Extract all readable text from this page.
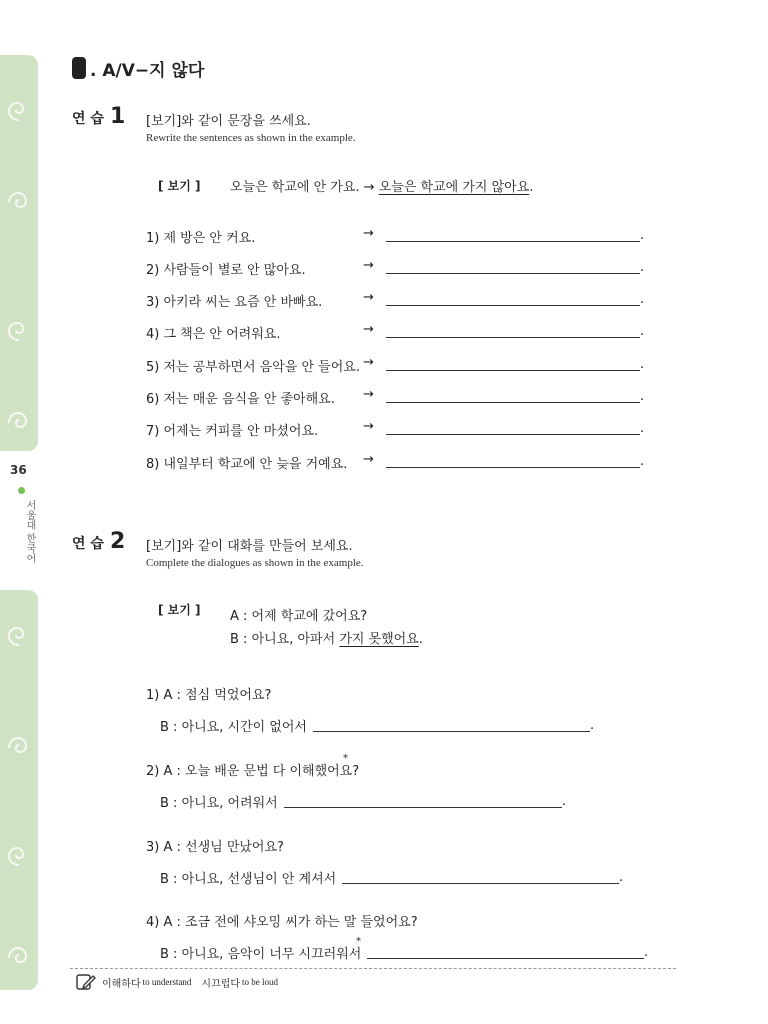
36
서울대 한국어
. A/V−지 않다
연 습 1 [보기]와 같이 문장을 쓰세요.
Rewrite the sentences as shown in the example.
[ 보기 ] 오늘은 학교에 안 가요. → 오늘은 학교에 가지 않아요.
1) 제 방은 안 커요.	→	.
2) 사람들이 별로 안 많아요.	→	.
3) 아키라 씨는 요즘 안 바빠요.	→	.
4) 그 책은 안 어려워요.	→	.
5) 저는 공부하면서 음악을 안 들어요. →	.
6) 저는 매운 음식을 안 좋아해요. →	.
7) 어제는 커피를 안 마셨어요.	→	.
8) 내일부터 학교에 안 늦을 거예요. →	.
연 습 2 [보기]와 같이 대화를 만들어 보세요.
Complete the dialogues as shown in the example.
[ 보기 ] A : 어제 학교에 갔어요?
B : 아니요, 아파서 가지 못했어요.
1) A : 점심 먹었어요?
B : 아니요, 시간이 없어서	.
2) A : 오늘 배운 문법 다 이해했어요?
*
B : 아니요, 어려워서	.
3) A : 선생님 만났어요?
B : 아니요, 선생님이 안 계셔서	.
4) A : 조금 전에 샤오밍 씨가 하는 말 들었어요?
B : 아니요, 음악이 너무 시끄러워서
*
.
이해하다 to understand 시끄럽다 to be loud
